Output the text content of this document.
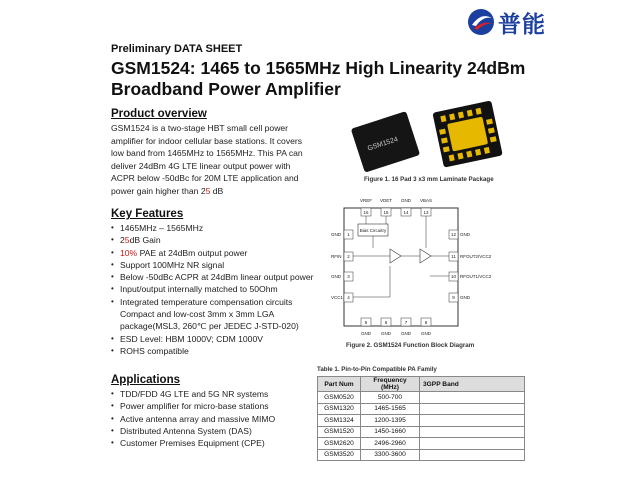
普能
Preliminary DATA SHEET
GSM1524: 1465 to 1565MHz High Linearity 24dBm
Broadband Power Amplifier
Product overview
GSM1524 is a two-stage HBT small cell power
amplifier for indoor cellular base stations. It covers
low band from 1465MHz to 1565MHz. This PA can
deliver 24dBm 4G LTE linear output power with
ACPR below -50dBc for 20M LTE application and
power gain higher than 25 dB
Key Features
• 1465MHz – 1565MHz
• 25dB Gain
• 10% PAE at 24dBm output power
• Support 100MHz NR signal
• Below -50dBc ACPR at 24dBm linear output power
• Input/output internally matched to 50Ohm
• Integrated temperature compensation circuits
Compact and low-cost 3mm x 3mm LGA
package(MSL3, 260℃ per JEDEC J-STD-020)
• ESD Level: HBM 1000V; CDM 1000V
• ROHS compatible
Applications
• TDD/FDD 4G LTE and 5G NR systems
• Power amplifier for micro-base stations
• Active antenna array and massive MIMO
• Distributed Antenna System (DAS)
• Customer Premises Equipment (CPE)
GSM1524
Figure 1. 16 Pad 3 x3 mm Laminate Package
VREF VDET GND VBAS
16	15	14	13
GND
RFIN
GND
VCC1
1
2
3
4
12
11
10
9
GND
RFOUT2/VCC2
RFOUT1/VCC2
GND
5	6	7	8
GND GND GND GND
Bias Circuitry
Figure 2. GSM1524 Function Block Diagram
Table 1. Pin-to-Pin Compatible PA Family
Part Num	Frequency (MHz)	3GPP Band
GSM0520	500-700	
GSM1320	1465-1565	
GSM1324	1200-1395	
GSM1520	1450-1660	
GSM2620	2496-2960	
GSM3520	3300-3600	
